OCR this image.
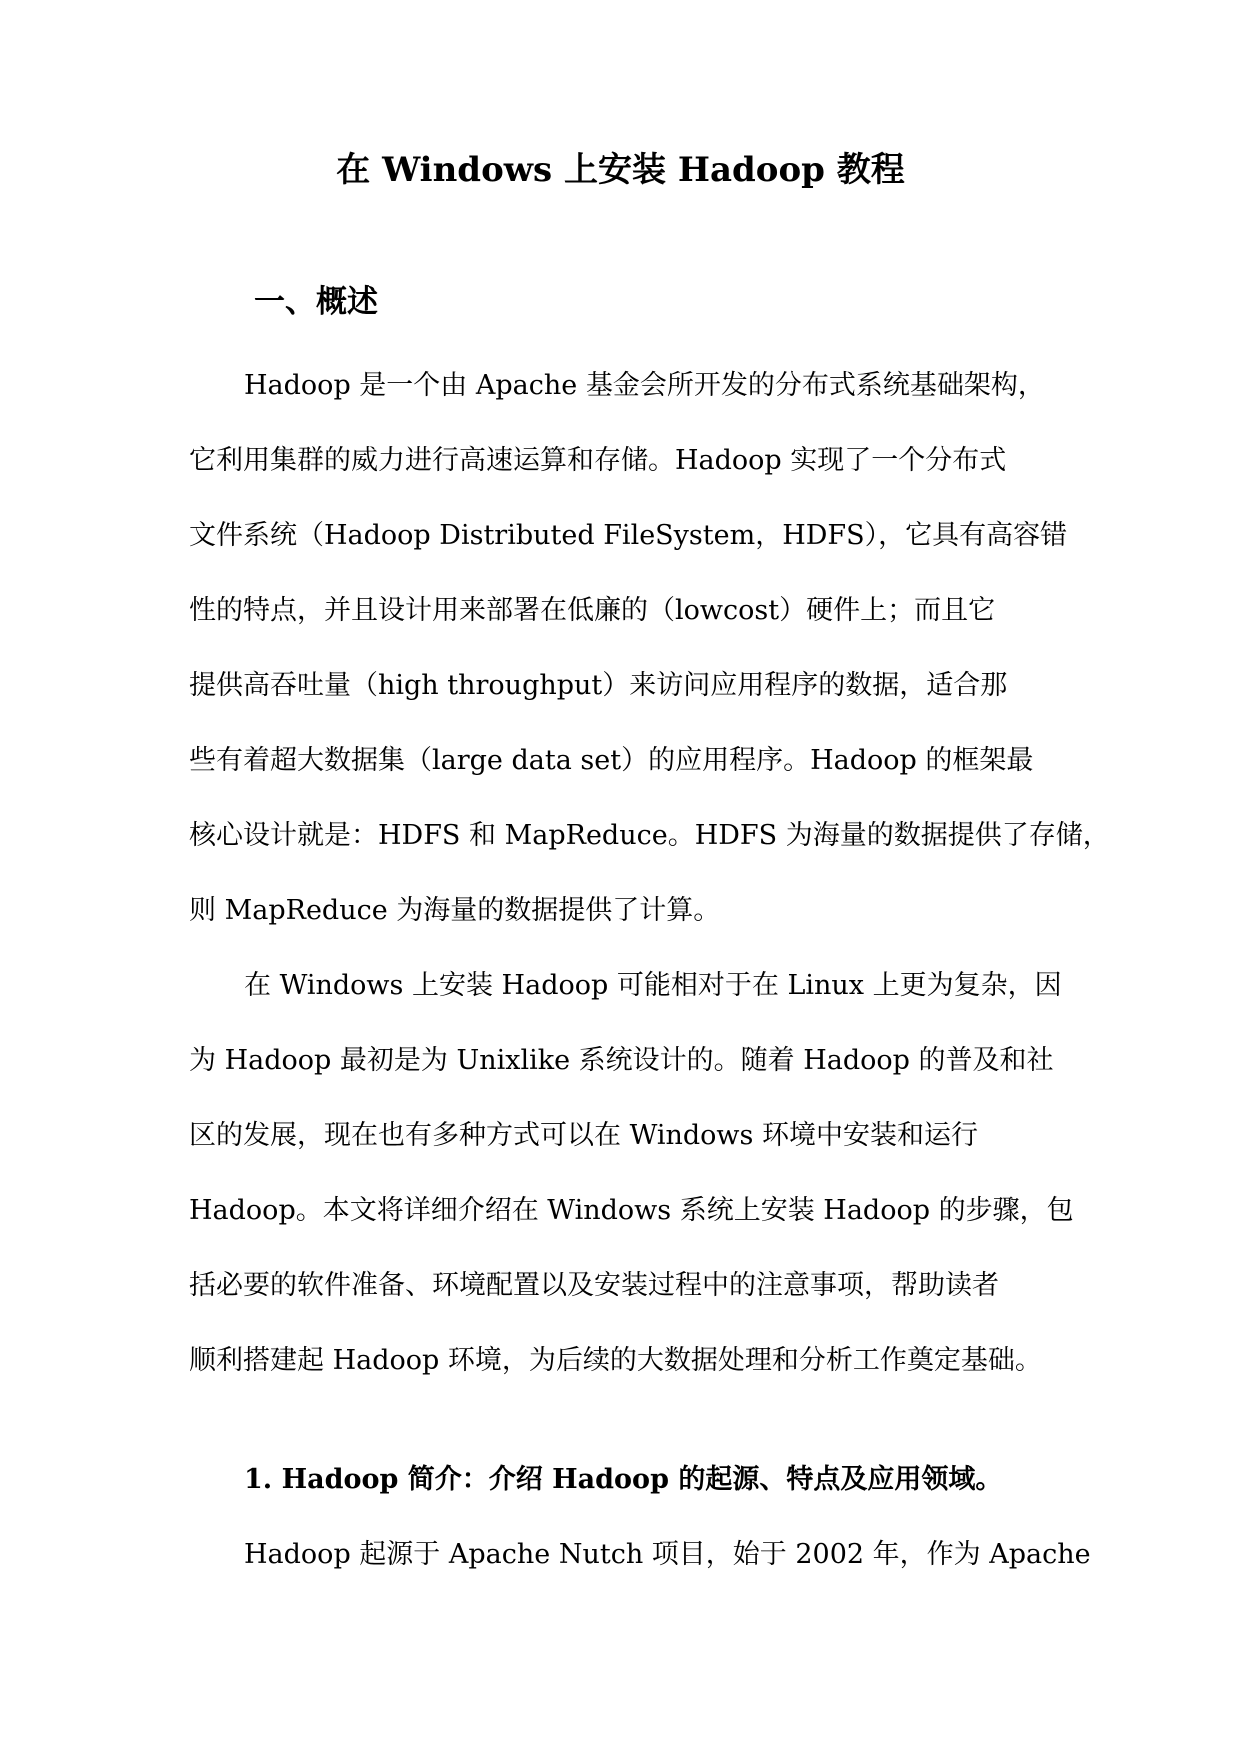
在 Windows 上安装 Hadoop 教程
一、概述
Hadoop 是一个由 Apache 基金会所开发的分布式系统基础架构，
它利用集群的威力进行高速运算和存储。Hadoop 实现了一个分布式
文件系统（Hadoop Distributed FileSystem，HDFS），它具有高容错
性的特点，并且设计用来部署在低廉的（lowcost）硬件上；而且它
提供高吞吐量（high throughput）来访问应用程序的数据，适合那
些有着超大数据集（large data set）的应用程序。Hadoop 的框架最
核心设计就是：HDFS 和 MapReduce。HDFS 为海量的数据提供了存储，
则 MapReduce 为海量的数据提供了计算。
在 Windows 上安装 Hadoop 可能相对于在 Linux 上更为复杂，因
为 Hadoop 最初是为 Unixlike 系统设计的。随着 Hadoop 的普及和社
区的发展，现在也有多种方式可以在 Windows 环境中安装和运行
Hadoop。本文将详细介绍在 Windows 系统上安装 Hadoop 的步骤，包
括必要的软件准备、环境配置以及安装过程中的注意事项，帮助读者
顺利搭建起 Hadoop 环境，为后续的大数据处理和分析工作奠定基础。
1. Hadoop 简介：介绍 Hadoop 的起源、特点及应用领域。
Hadoop 起源于 Apache Nutch 项目，始于 2002 年，作为 Apache
